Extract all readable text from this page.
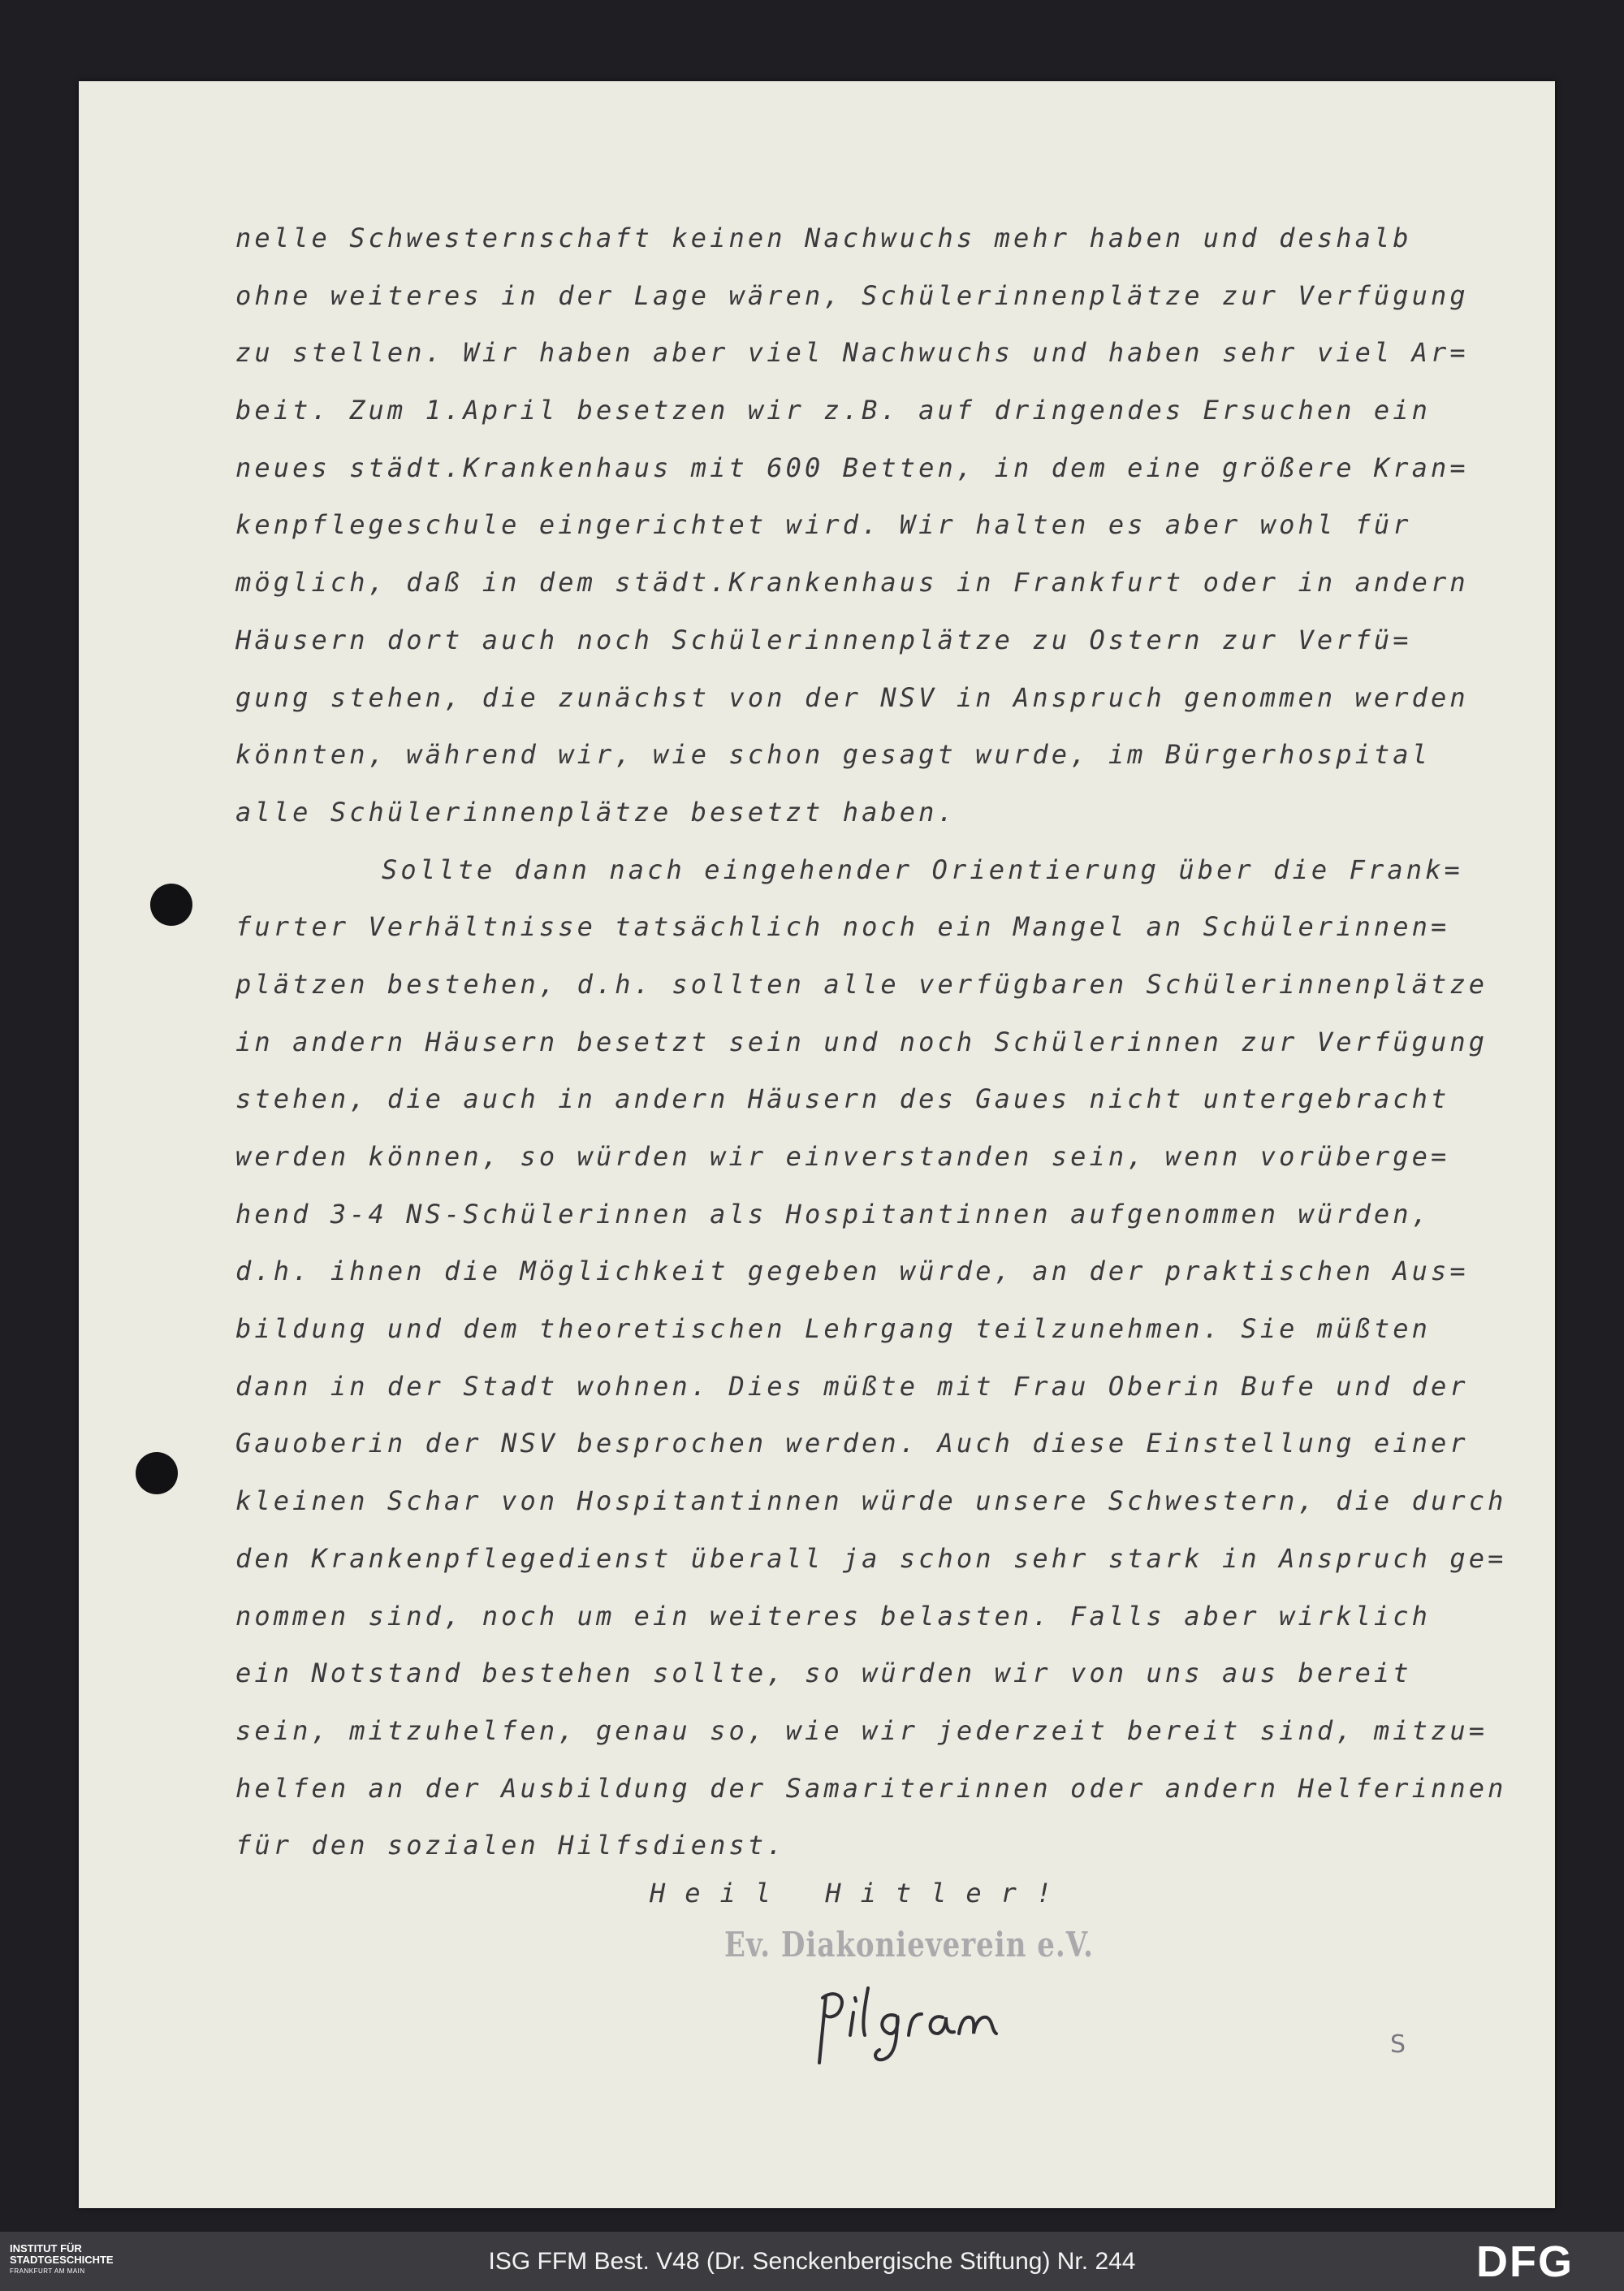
nelle Schwesternschaft keinen Nachwuchs mehr haben und deshalb
ohne weiteres in der Lage wären, Schülerinnenplätze zur Verfügung
zu stellen. Wir haben aber viel Nachwuchs und haben sehr viel Ar=
beit. Zum 1.April besetzen wir z.B. auf dringendes Ersuchen ein
neues städt.Krankenhaus mit 600 Betten, in dem eine größere Kran=
kenpflegeschule eingerichtet wird. Wir halten es aber wohl für
möglich, daß in dem städt.Krankenhaus in Frankfurt oder in andern
Häusern dort auch noch Schülerinnenplätze zu Ostern zur Verfü=
gung stehen, die zunächst von der NSV in Anspruch genommen werden
könnten, während wir, wie schon gesagt wurde, im Bürgerhospital
alle Schülerinnenplätze besetzt haben.
Sollte dann nach eingehender Orientierung über die Frank=
furter Verhältnisse tatsächlich noch ein Mangel an Schülerinnen=
plätzen bestehen, d.h. sollten alle verfügbaren Schülerinnenplätze
in andern Häusern besetzt sein und noch Schülerinnen zur Verfügung
stehen, die auch in andern Häusern des Gaues nicht untergebracht
werden können, so würden wir einverstanden sein, wenn vorüberge=
hend 3-4 NS-Schülerinnen als Hospitantinnen aufgenommen würden,
d.h. ihnen die Möglichkeit gegeben würde, an der praktischen Aus=
bildung und dem theoretischen Lehrgang teilzunehmen. Sie müßten
dann in der Stadt wohnen. Dies müßte mit Frau Oberin Bufe und der
Gauoberin der NSV besprochen werden. Auch diese Einstellung einer
kleinen Schar von Hospitantinnen würde unsere Schwestern, die durch
den Krankenpflegedienst überall ja schon sehr stark in Anspruch ge=
nommen sind, noch um ein weiteres belasten. Falls aber wirklich
ein Notstand bestehen sollte, so würden wir von uns aus bereit
sein, mitzuhelfen, genau so, wie wir jederzeit bereit sind, mitzu=
helfen an der Ausbildung der Samariterinnen oder andern Helferinnen
für den sozialen Hilfsdienst.
Heil Hitler!
Ev. Diakonieverein e.V.
S
INSTITUT FÜR
STADTGESCHICHTE
FRANKFURT AM MAIN	ISG FFM Best. V48 (Dr. Senckenbergische Stiftung) Nr. 244	DFG
